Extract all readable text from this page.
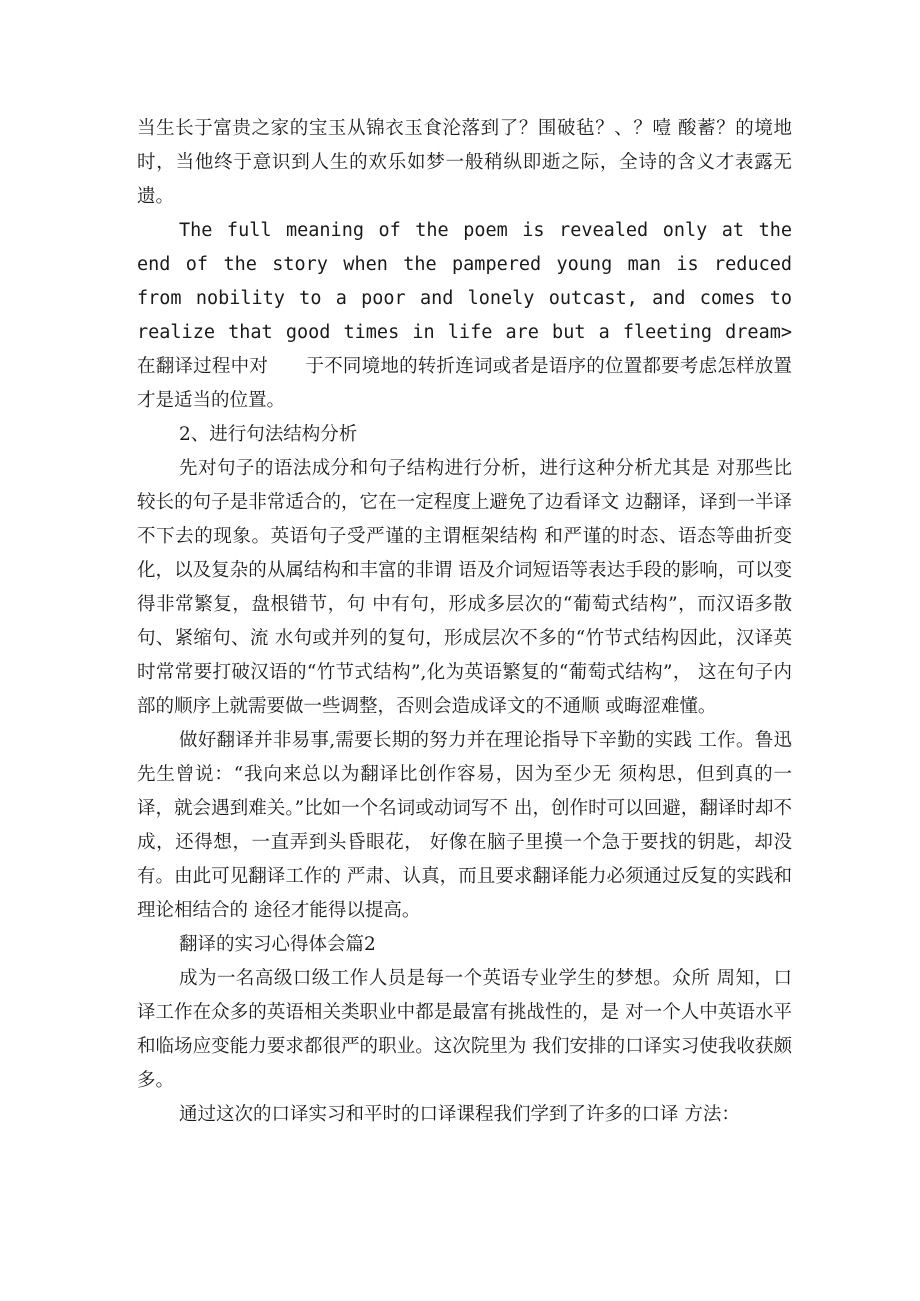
当生长于富贵之家的宝玉从锦衣玉食沦落到了？围破毡？、？噎 酸蓄？的境地时，当他终于意识到人生的欢乐如梦一般稍纵即逝之际，全诗的含义才表露无遗。

The full meaning of the poem is revealed only at the end of the story when the pampered young man is reduced from nobility to a poor and lonely outcast, and comes to realize that good times in life are but a fleeting dream> 在翻译过程中对　　于不同境地的转折连词或者是语序的位置都要考虑怎样放置才是适当的位置。

2、进行句法结构分析

先对句子的语法成分和句子结构进行分析，进行这种分析尤其是 对那些比较长的句子是非常适合的，它在一定程度上避免了边看译文 边翻译，译到一半译不下去的现象。英语句子受严谨的主谓框架结构 和严谨的时态、语态等曲折变化，以及复杂的从属结构和丰富的非谓 语及介词短语等表达手段的影响，可以变得非常繁复，盘根错节，句 中有句，形成多层次的“葡萄式结构”，而汉语多散句、紧缩句、流 水句或并列的复句，形成层次不多的“竹节式结构因此，汉译英 时常常要打破汉语的“竹节式结构”,化为英语繁复的“葡萄式结构”， 这在句子内部的顺序上就需要做一些调整，否则会造成译文的不通顺 或晦涩难懂。

做好翻译并非易事,需要长期的努力并在理论指导下辛勤的实践 工作。鲁迅先生曾说：“我向来总以为翻译比创作容易，因为至少无 须构思，但到真的一译，就会遇到难关。”比如一个名词或动词写不 出，创作时可以回避，翻译时却不成，还得想，一直弄到头昏眼花， 好像在脑子里摸一个急于要找的钥匙，却没有。由此可见翻译工作的 严肃、认真，而且要求翻译能力必须通过反复的实践和理论相结合的 途径才能得以提高。

翻译的实习心得体会篇2

成为一名高级口级工作人员是每一个英语专业学生的梦想。众所 周知，口译工作在众多的英语相关类职业中都是最富有挑战性的，是 对一个人中英语水平和临场应变能力要求都很严的职业。这次院里为 我们安排的口译实习使我收获颇多。

通过这次的口译实习和平时的口译课程我们学到了许多的口译 方法：
